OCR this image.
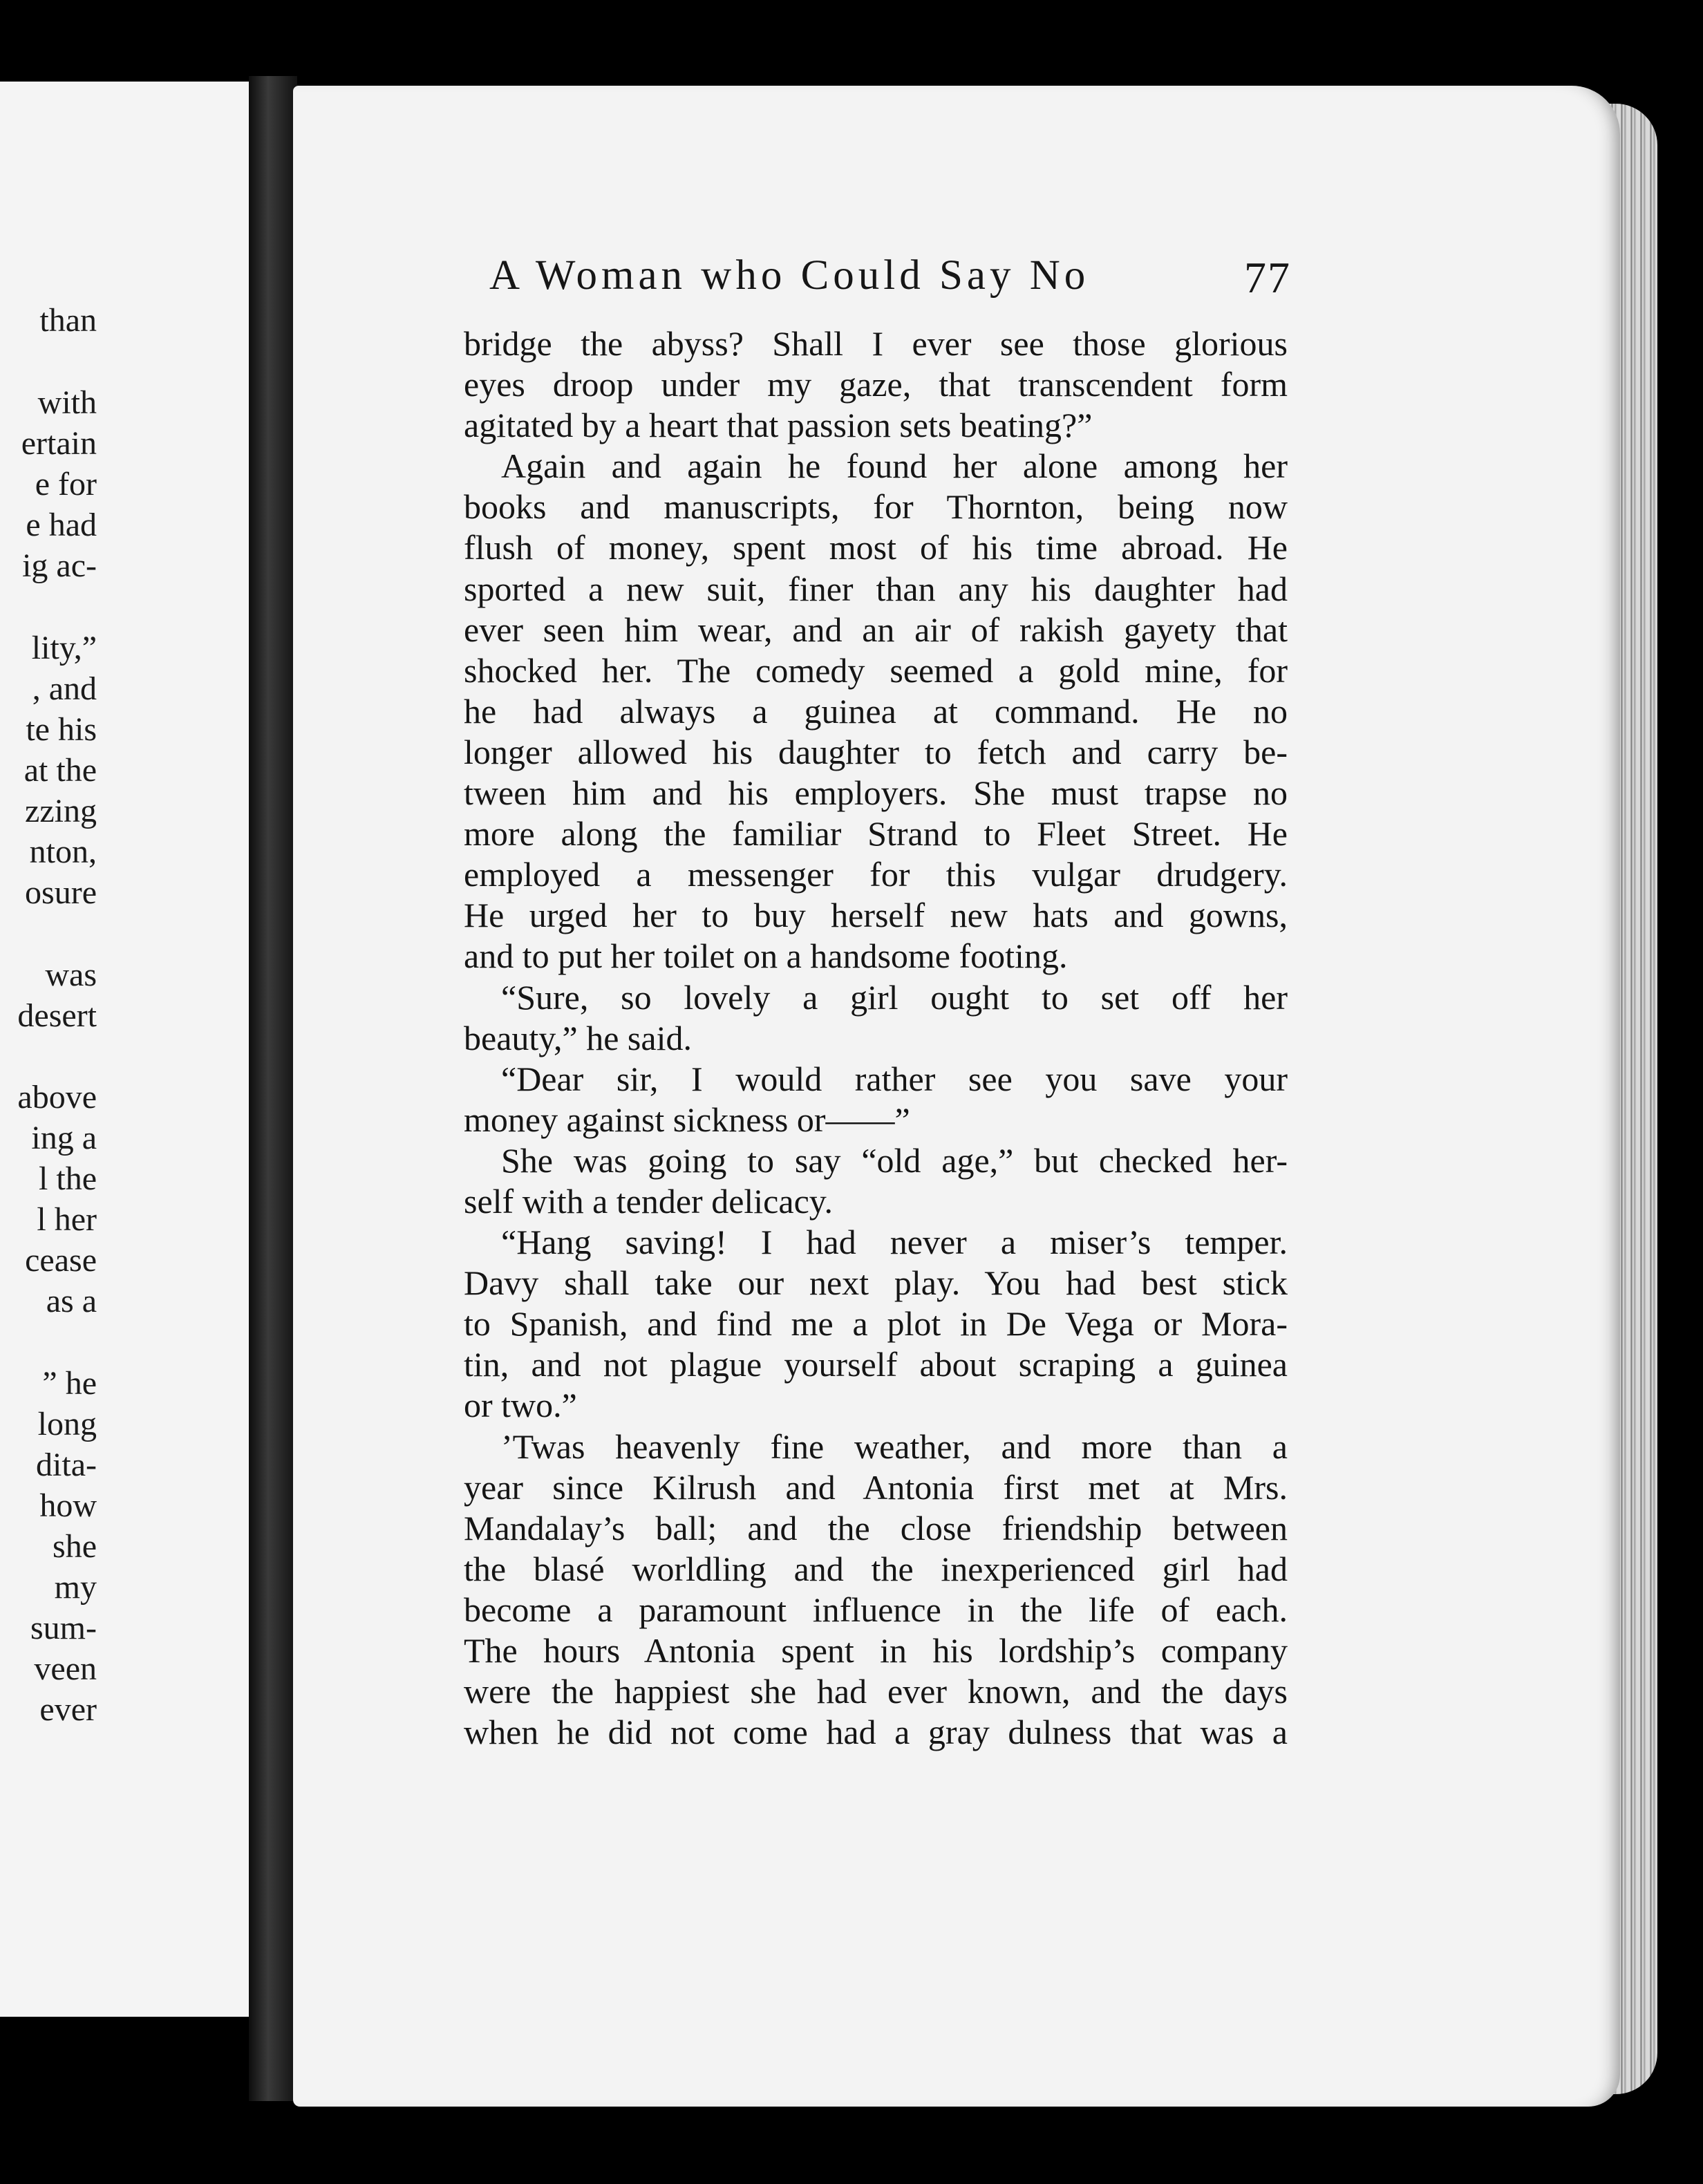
than
with
ertain
e for
e had
ig ac-
lity,”
, and
te his
at the
zzing
nton,
osure
was
desert
above
ing a
l the
l her
cease
as a
” he
long
dita-
how
she
my
sum-
veen
ever
A Woman who Could Say No	77
bridge the abyss? Shall I ever see those glorious
eyes droop under my gaze, that transcendent form
agitated by a heart that passion sets beating?”
Again and again he found her alone among her
books and manuscripts, for Thornton, being now
flush of money, spent most of his time abroad. He
sported a new suit, finer than any his daughter had
ever seen him wear, and an air of rakish gayety that
shocked her. The comedy seemed a gold mine, for
he had always a guinea at command. He no
longer allowed his daughter to fetch and carry be-
tween him and his employers. She must trapse no
more along the familiar Strand to Fleet Street. He
employed a messenger for this vulgar drudgery.
He urged her to buy herself new hats and gowns,
and to put her toilet on a handsome footing.
“Sure, so lovely a girl ought to set off her
beauty,” he said.
“Dear sir, I would rather see you save your
money against sickness or——”
She was going to say “old age,” but checked her-
self with a tender delicacy.
“Hang saving! I had never a miser’s temper.
Davy shall take our next play. You had best stick
to Spanish, and find me a plot in De Vega or Mora-
tin, and not plague yourself about scraping a guinea
or two.”
’Twas heavenly fine weather, and more than a
year since Kilrush and Antonia first met at Mrs.
Mandalay’s ball; and the close friendship between
the blasé worldling and the inexperienced girl had
become a paramount influence in the life of each.
The hours Antonia spent in his lordship’s company
were the happiest she had ever known, and the days
when he did not come had a gray dulness that was a
